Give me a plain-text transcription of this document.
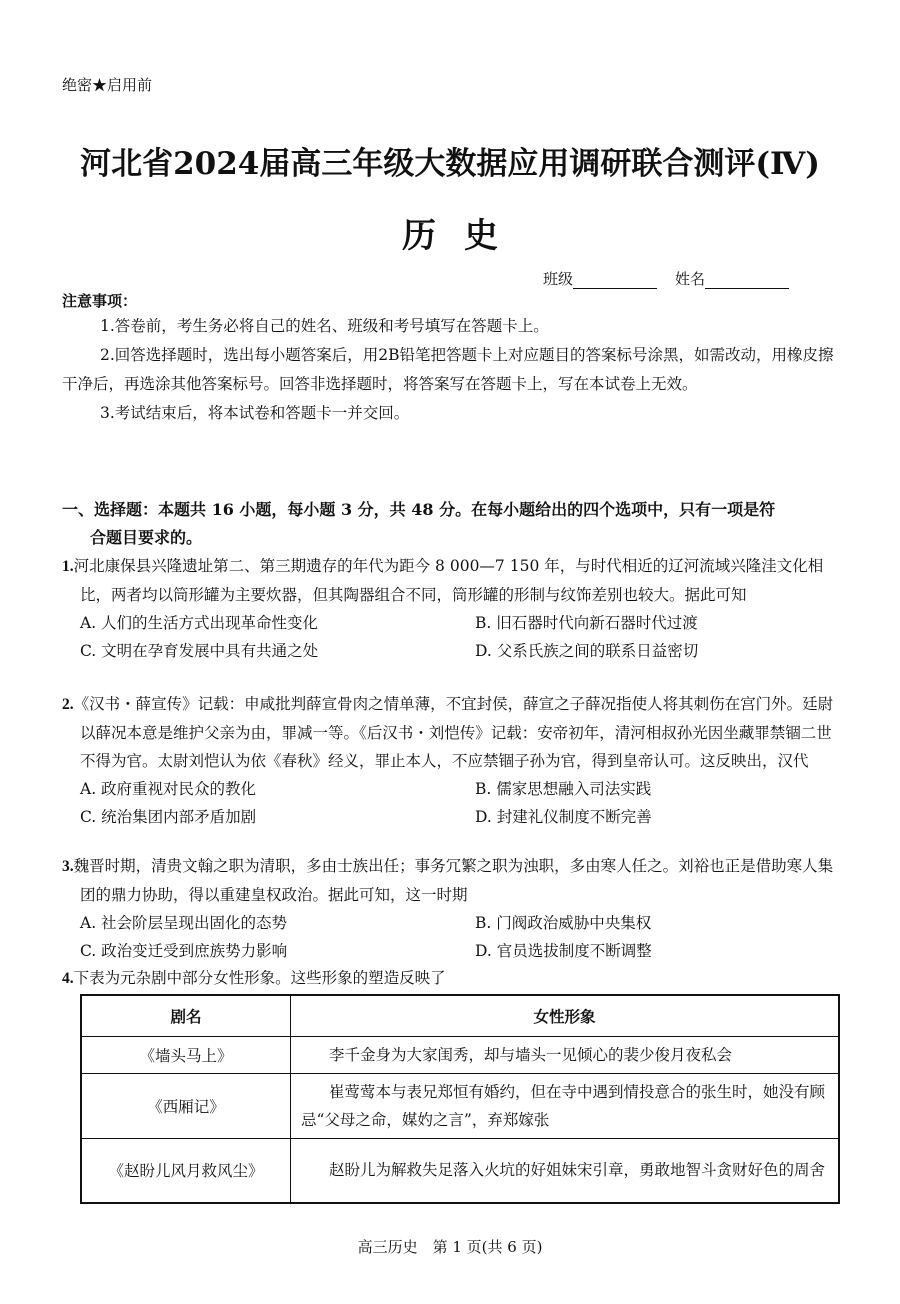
绝密★启用前
河北省2024届高三年级大数据应用调研联合测评(Ⅳ)
历史
班级	姓名
注意事项：

1.答卷前，考生务必将自己的姓名、班级和考号填写在答题卡上。

2.回答选择题时，选出每小题答案后，用2B铅笔把答题卡上对应题目的答案标号涂黑，如需改动，用橡皮擦干净后，再选涂其他答案标号。回答非选择题时，将答案写在答题卡上，写在本试卷上无效。

3.考试结束后，将本试卷和答题卡一并交回。

一、选择题：本题共 16 小题，每小题 3 分，共 48 分。在每小题给出的四个选项中，只有一项是符
合题目要求的。

1.河北康保县兴隆遗址第二、第三期遗存的年代为距今 8 000—7 150 年，与时代相近的辽河流域兴隆洼文化相比，两者均以筒形罐为主要炊器，但其陶器组合不同，筒形罐的形制与纹饰差别也较大。据此可知

A. 人们的生活方式出现革命性变化	B. 旧石器时代向新石器时代过渡
C. 文明在孕育发展中具有共通之处	D. 父系氏族之间的联系日益密切

2.《汉书・薛宣传》记载：申咸批判薛宣骨肉之情单薄，不宜封侯，薛宣之子薛况指使人将其刺伤在宫门外。廷尉以薛况本意是维护父亲为由，罪减一等。《后汉书・刘恺传》记载：安帝初年，清河相叔孙光因坐藏罪禁锢二世不得为官。太尉刘恺认为依《春秋》经义，罪止本人，不应禁锢子孙为官，得到皇帝认可。这反映出，汉代

A. 政府重视对民众的教化	B. 儒家思想融入司法实践
C. 统治集团内部矛盾加剧	D. 封建礼仪制度不断完善

3.魏晋时期，清贵文翰之职为清职，多由士族出任；事务冗繁之职为浊职，多由寒人任之。刘裕也正是借助寒人集团的鼎力协助，得以重建皇权政治。据此可知，这一时期

A. 社会阶层呈现出固化的态势	B. 门阀政治威胁中央集权
C. 政治变迁受到庶族势力影响	D. 官员选拔制度不断调整

4.下表为元杂剧中部分女性形象。这些形象的塑造反映了

剧名	女性形象
《墙头马上》	李千金身为大家闺秀，却与墙头一见倾心的裴少俊月夜私会
《西厢记》	崔莺莺本与表兄郑恒有婚约，但在寺中遇到情投意合的张生时，她没有顾忌“父母之命，媒妁之言”，弃郑嫁张
《赵盼儿风月救风尘》	赵盼儿为解救失足落入火坑的好姐妹宋引章，勇敢地智斗贪财好色的周舍
高三历史　第 1 页(共 6 页)
